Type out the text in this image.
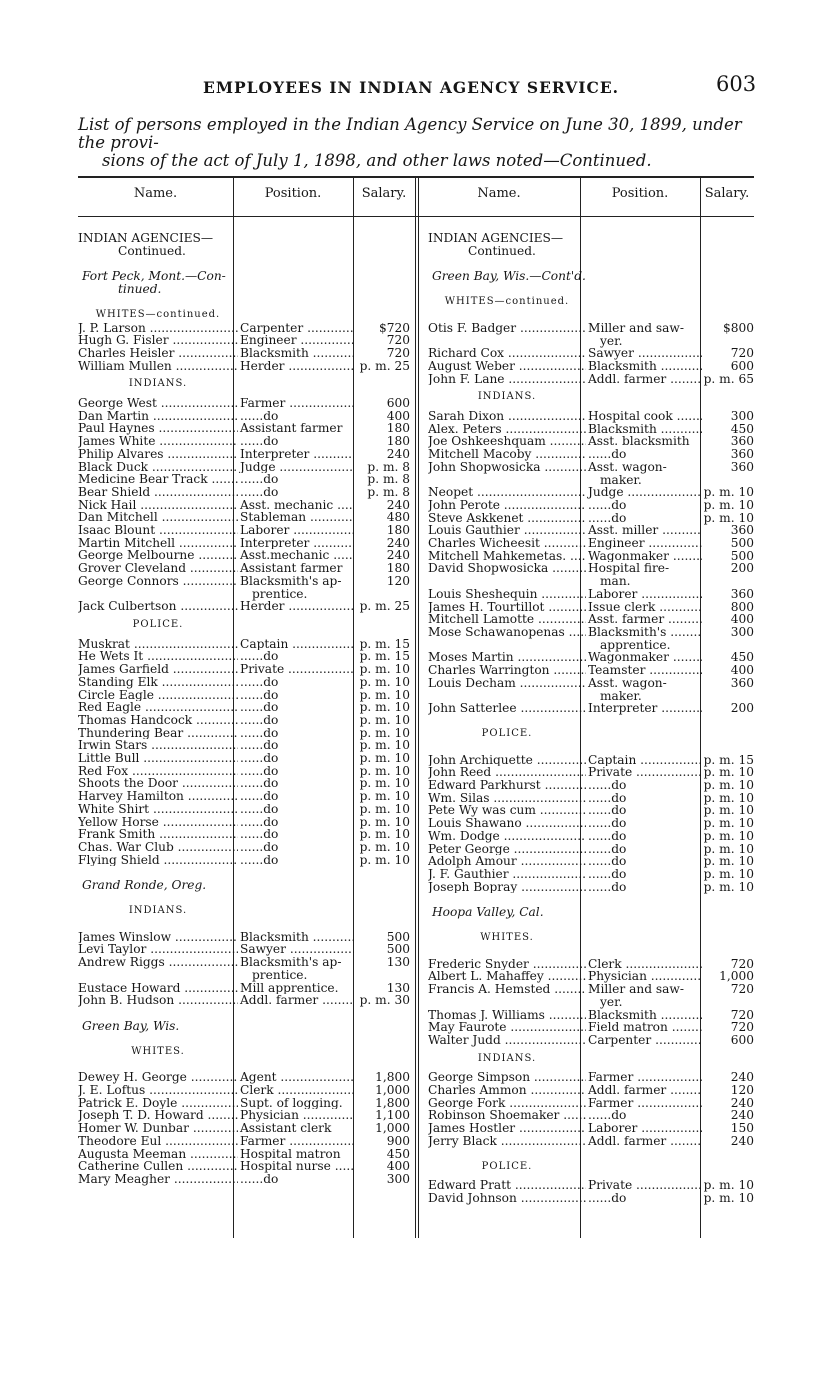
EMPLOYEES IN INDIAN AGENCY SERVICE.	603
List of persons employed in the Indian Agency Service on June 30, 1899, under the provi-
sions of the act of July 1, 1898, and other laws noted—Continued.
Name.	Position.	Salary.	Name.	Position.	Salary.
INDIAN AGENCIES—
Continued.
Fort Peck, Mont.—Con-
tinued.
WHITES—continued.
J. P. Larson .....	Carpenter .....	$720
Hugh G. Fisler .....	Engineer .....	720
Charles Heisler .....	Blacksmith .....	720
William Mullen .....	Herder .....	p. m. 25
INDIANS.
George West .....	Farmer .....	600
Dan Martin .....	......do	400
Paul Haynes .....	Assistant farmer	180
James White .....	......do	180
Philip Alvares .....	Interpreter .....	240
Black Duck .....	Judge .....	p. m. 8
Medicine Bear Track .....	......do	p. m. 8
Bear Shield .....	......do	p. m. 8
Nick Hail .....	Asst. mechanic .....	240
Dan Mitchell .....	Stableman .....	480
Isaac Blount .....	Laborer .....	180
Martin Mitchell .....	Interpreter .....	240
George Melbourne .....	Asst.mechanic .....	240
Grover Cleveland .....	Assistant farmer	180
George Connors .....	Blacksmith's ap-	120
prentice.
Jack Culbertson .....	Herder .....	p. m. 25
POLICE.
Muskrat .....	Captain .....	p. m. 15
He Wets It .....	......do	p. m. 15
James Garfield .....	Private .....	p. m. 10
Standing Elk .....	......do	p. m. 10
Circle Eagle .....	......do	p. m. 10
Red Eagle .....	......do	p. m. 10
Thomas Handcock .....	......do	p. m. 10
Thundering Bear .....	......do	p. m. 10
Irwin Stars .....	......do	p. m. 10
Little Bull .....	......do	p. m. 10
Red Fox .....	......do	p. m. 10
Shoots the Door .....	......do	p. m. 10
Harvey Hamilton .....	......do	p. m. 10
White Shirt .....	......do	p. m. 10
Yellow Horse .....	......do	p. m. 10
Frank Smith .....	......do	p. m. 10
Chas. War Club .....	......do	p. m. 10
Flying Shield .....	......do	p. m. 10
Grand Ronde, Oreg.
INDIANS.
James Winslow .....	Blacksmith .....	500
Levi Taylor .....	Sawyer .....	500
Andrew Riggs .....	Blacksmith's ap-	130
prentice.
Eustace Howard .....	Mill apprentice.	130
John B. Hudson .....	Addl. farmer .....	p. m. 30
Green Bay, Wis.
WHITES.
Dewey H. George .....	Agent .....	1,800
J. E. Loftus .....	Clerk .....	1,000
Patrick E. Doyle .....	Supt. of logging.	1,800
Joseph T. D. Howard .....	Physician .....	1,100
Homer W. Dunbar .....	Assistant clerk	1,000
Theodore Eul .....	Farmer .....	900
Augusta Meeman .....	Hospital matron	450
Catherine Cullen .....	Hospital nurse .....	400
Mary Meagher .....	......do	300
INDIAN AGENCIES—
Continued.
Green Bay, Wis.—Cont'd.
WHITES—continued.
Otis F. Badger .....	Miller and saw-	$800
yer.
Richard Cox .....	Sawyer .....	720
August Weber .....	Blacksmith .....	600
John F. Lane .....	Addl. farmer .....	p. m. 65
INDIANS.
Sarah Dixon .....	Hospital cook .....	300
Alex. Peters .....	Blacksmith .....	450
Joe Oshkeeshquam .....	Asst. blacksmith	360
Mitchell Macoby .....	......do	360
John Shopwosicka .....	Asst. wagon-	360
maker.
Neopet .....	Judge .....	p. m. 10
John Perote .....	......do	p. m. 10
Steve Askkenet .....	......do	p. m. 10
Louis Gauthier .....	Asst. miller .....	360
Charles Wicheesit .....	Engineer .....	500
Mitchell Mahkemetas. .....	Wagonmaker .....	500
David Shopwosicka .....	Hospital fire-	200
man.
Louis Sheshequin .....	Laborer .....	360
James H. Tourtillot .....	Issue clerk .....	800
Mitchell Lamotte .....	Asst. farmer .....	400
Mose Schawanopenas .....	Blacksmith's .....	300
apprentice.
Moses Martin .....	Wagonmaker .....	450
Charles Warrington .....	Teamster .....	400
Louis Decham .....	Asst. wagon-	360
maker.
John Satterlee .....	Interpreter .....	200
POLICE.
John Archiquette .....	Captain .....	p. m. 15
John Reed .....	Private .....	p. m. 10
Edward Parkhurst .....	......do	p. m. 10
Wm. Silas .....	......do	p. m. 10
Pete Wy was cum .....	......do	p. m. 10
Louis Shawano .....	......do	p. m. 10
Wm. Dodge .....	......do	p. m. 10
Peter George .....	......do	p. m. 10
Adolph Amour .....	......do	p. m. 10
J. F. Gauthier .....	......do	p. m. 10
Joseph Bopray .....	......do	p. m. 10
Hoopa Valley, Cal.
WHITES.
Frederic Snyder .....	Clerk .....	720
Albert L. Mahaffey .....	Physician .....	1,000
Francis A. Hemsted .....	Miller and saw-	720
yer.
Thomas J. Williams .....	Blacksmith .....	720
May Faurote .....	Field matron .....	720
Walter Judd .....	Carpenter .....	600
INDIANS.
George Simpson .....	Farmer .....	240
Charles Ammon .....	Addl. farmer .....	120
George Fork .....	Farmer .....	240
Robinson Shoemaker .....	......do	240
James Hostler .....	Laborer .....	150
Jerry Black .....	Addl. farmer .....	240
POLICE.
Edward Pratt .....	Private .....	p. m. 10
David Johnson .....	......do	p. m. 10
